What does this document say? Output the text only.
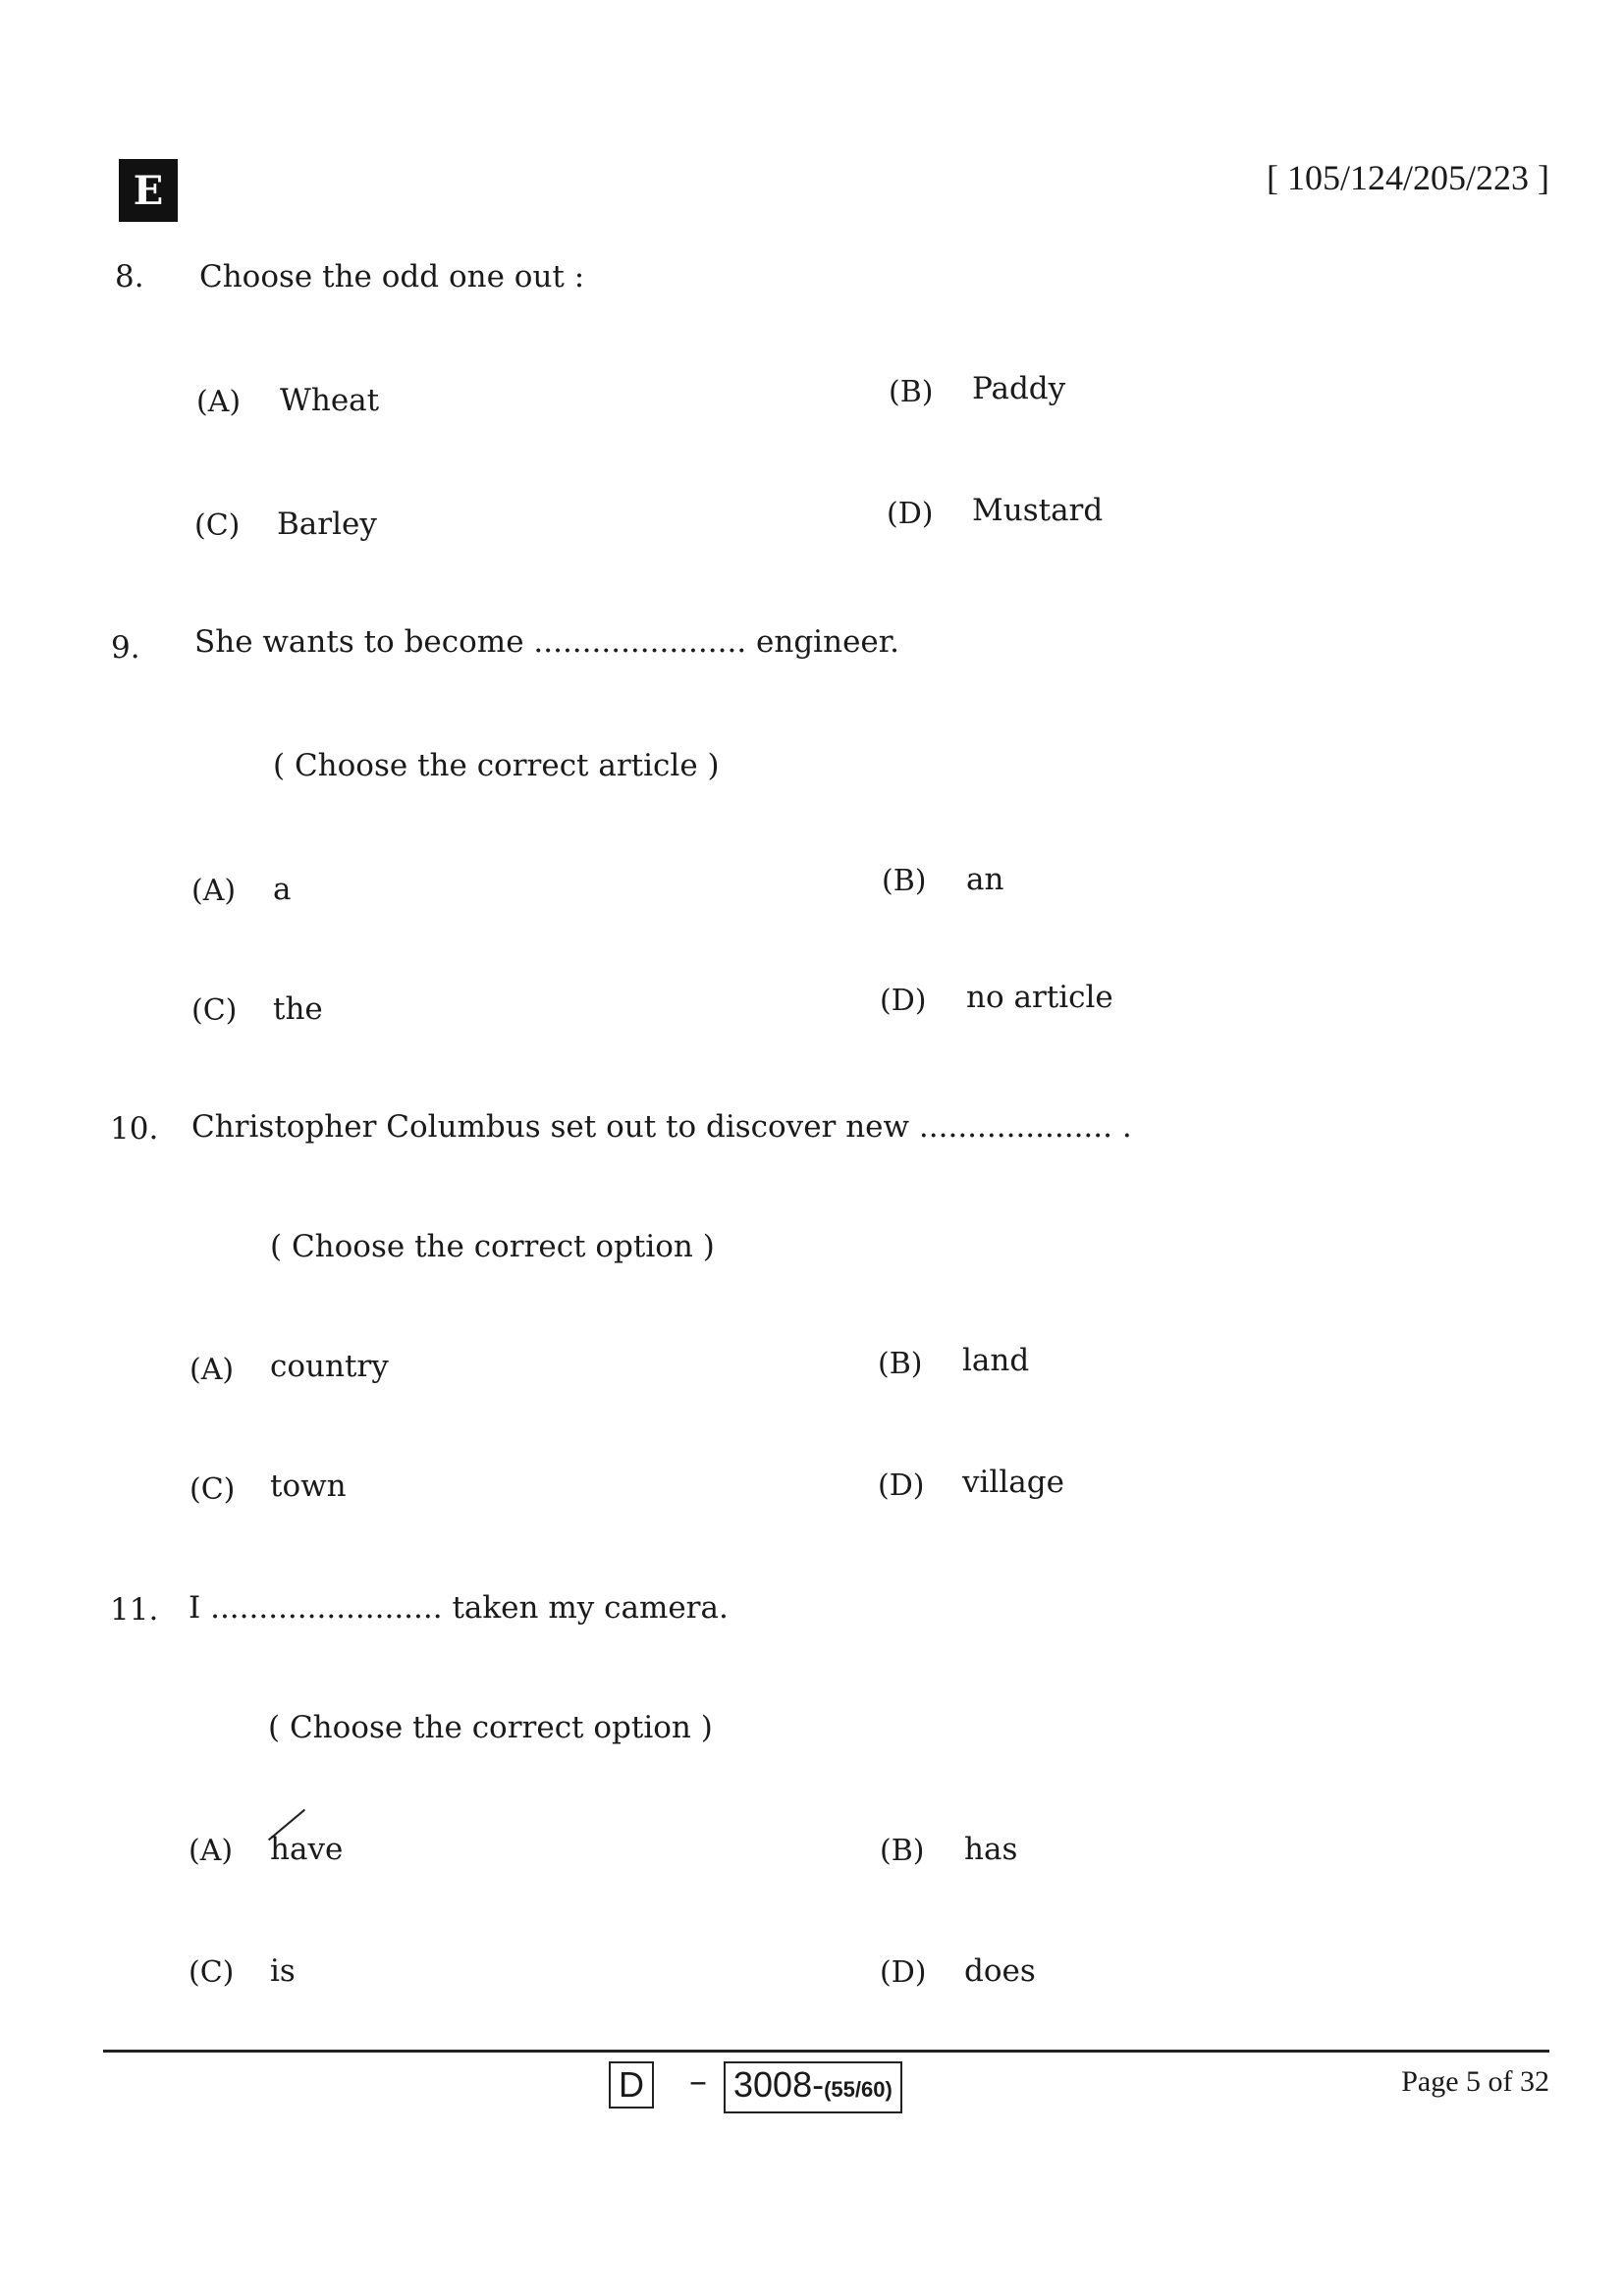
E	[ 105/124/205/223 ]
8. Choose the odd one out :
(A) Wheat	(B) Paddy
(C) Barley	(D) Mustard
9. She wants to become ...................... engineer.
( Choose the correct article )
(A) a	(B) an
(C) the	(D) no article
10. Christopher Columbus set out to discover new .................... .
( Choose the correct option )
(A) country	(B) land
(C) town	(D) village
11. I ........................ taken my camera.
( Choose the correct option )
(A) have	(B) has
(C) is	(D) does
D – 3008-(55/60)	Page 5 of 32
